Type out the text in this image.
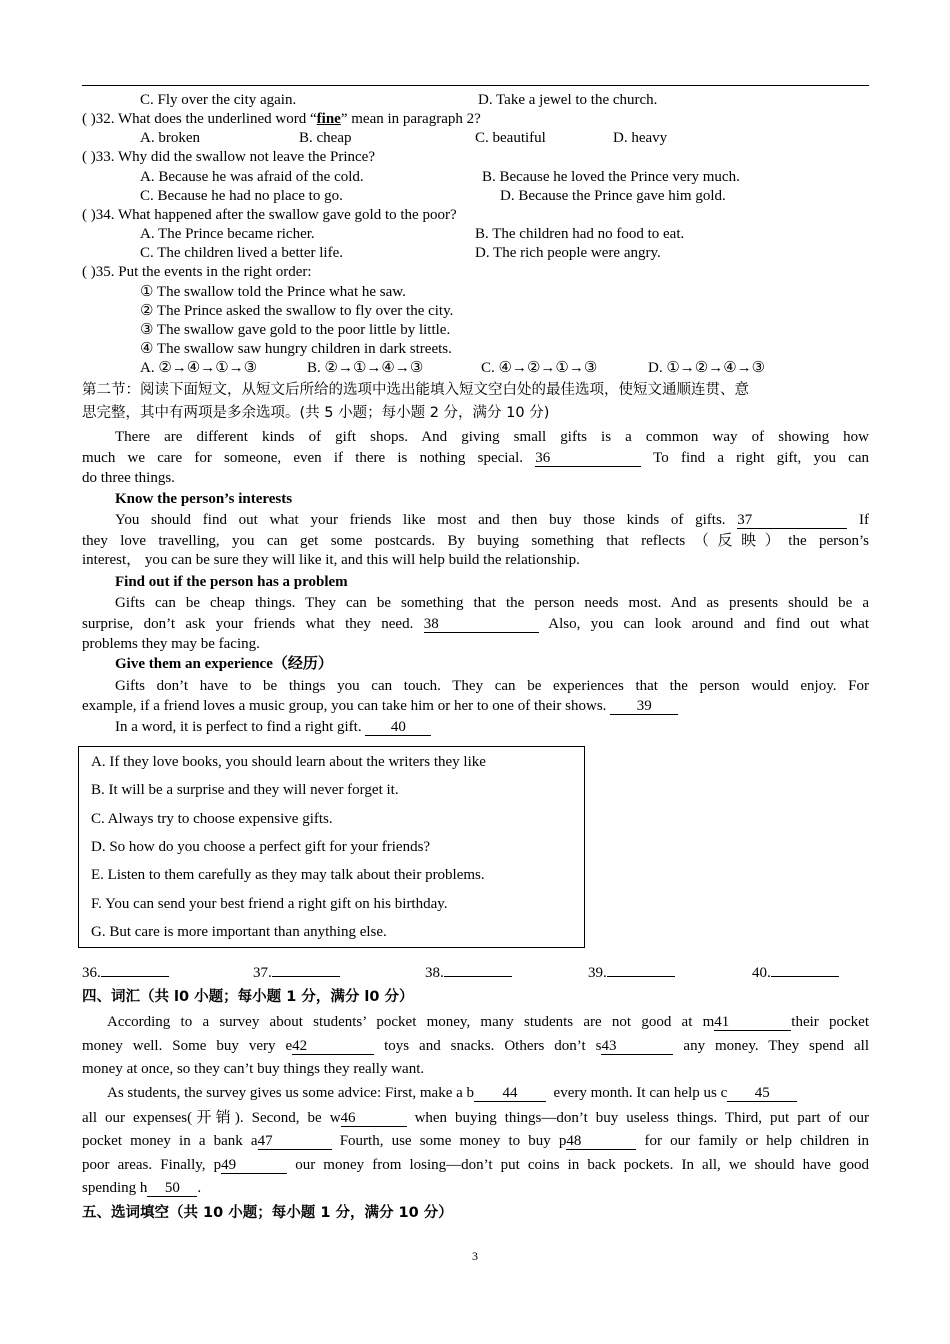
C. Fly over the city again.	D. Take a jewel to the church.
( )32. What does the underlined word “fine” mean in paragraph 2?
A. broken	B. cheap	C. beautiful	D. heavy
( )33. Why did the swallow not leave the Prince?
A. Because he was afraid of the cold.	B. Because he loved the Prince very much.
C. Because he had no place to go.	D. Because the Prince gave him gold.
( )34. What happened after the swallow gave gold to the poor?
A. The Prince became richer.	B. The children had no food to eat.
C. The children lived a better life.	D. The rich people were angry.
( )35. Put the events in the right order:
① The swallow told the Prince what he saw.
② The Prince asked the swallow to fly over the city.
③ The swallow gave gold to the poor little by little.
④ The swallow saw hungry children in dark streets.
A. ②→④→①→③	B. ②→①→④→③	C. ④→②→①→③	D. ①→②→④→③
第二节：阅读下面短文，从短文后所给的选项中选出能填入短文空白处的最佳选项，使短文通顺连贯、意
思完整，其中有两项是多余选项。(共 5 小题；每小题 2 分，满分 10 分)
There are different kinds of gift shops. And giving small gifts is a common way of showing how
much we care for someone, even if there is nothing special. 36	To find a right gift, you can
do three things.
Know the person’s interests
You should find out what your friends like most and then buy those kinds of gifts. 37	If
they love travelling, you can get some postcards. By buying something that reflects（反映）the person’s
interest， you can be sure they will like it, and this will help build the relationship.
Find out if the person has a problem
Gifts can be cheap things. They can be something that the person needs most. And as presents should be a
surprise, don’t ask your friends what they need. 38	Also, you can look around and find out what
problems they may be facing.
Give them an experience（经历）
Gifts don’t have to be things you can touch. They can be experiences that the person would enjoy. For
example, if a friend loves a music group, you can take him or her to one of their shows. 39
In a word, it is perfect to find a right gift. 40
A. If they love books, you should learn about the writers they like
B. It will be a surprise and they will never forget it.
C. Always try to choose expensive gifts.
D. So how do you choose a perfect gift for your friends?
E. Listen to them carefully as they may talk about their problems.
F. You can send your best friend a right gift on his birthday.
G. But care is more important than anything else.
36.	37.	38.	39.	40.
四、词汇（共 l0 小题；每小题 1 分，满分 l0 分）
According to a survey about students’ pocket money, many students are not good at m41	their pocket
money well. Some buy very e42	toys and snacks. Others don’t s43	any money. They spend all
money at once, so they can’t buy things they really want.
As students, the survey gives us some advice: First, make a b 44 every month. It can help us c 45
all our expenses(开销). Second, be w46	when buying things—don’t buy useless things. Third, put part of our
pocket money in a bank a47	Fourth, use some money to buy p48	for our family or help children in
poor areas. Finally, p49	our money from losing—don’t put coins in back pockets. In all, we should have good
spending h 50 .
五、选词填空（共 10 小题；每小题 1 分，满分 10 分）
3
